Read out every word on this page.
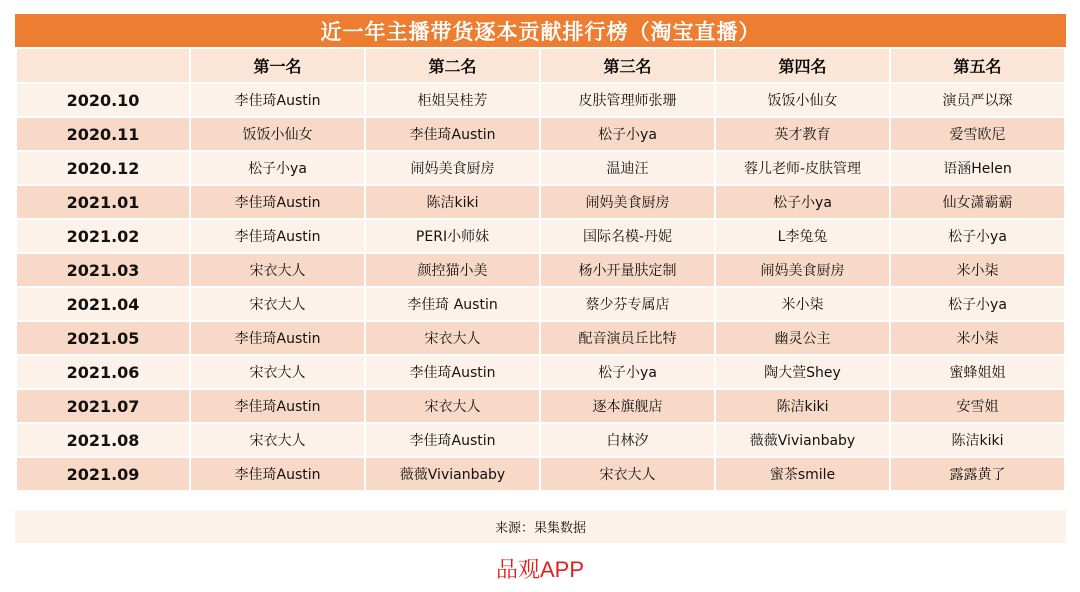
近一年主播带货逐本贡献排行榜（淘宝直播）
	第一名	第二名	第三名	第四名	第五名
2020.10	李佳琦Austin	柜姐吴桂芳	皮肤管理师张珊	饭饭小仙女	演员严以琛
2020.11	饭饭小仙女	李佳琦Austin	松子小ya	英才教育	爱雪欧尼
2020.12	松子小ya	闹妈美食厨房	温迪汪	蓉儿老师-皮肤管理	语涵Helen
2021.01	李佳琦Austin	陈洁kiki	闹妈美食厨房	松子小ya	仙女潇霸霸
2021.02	李佳琦Austin	PERI小师妹	国际名模-丹妮	L李兔兔	松子小ya
2021.03	宋衣大人	颜控猫小美	杨小开量肤定制	闹妈美食厨房	米小柒
2021.04	宋衣大人	李佳琦 Austin	蔡少芬专属店	米小柒	松子小ya
2021.05	李佳琦Austin	宋衣大人	配音演员丘比特	幽灵公主	米小柒
2021.06	宋衣大人	李佳琦Austin	松子小ya	陶大萱Shey	蜜蜂姐姐
2021.07	李佳琦Austin	宋衣大人	逐本旗舰店	陈洁kiki	安雪姐
2021.08	宋衣大人	李佳琦Austin	白林汐	薇薇Vivianbaby	陈洁kiki
2021.09	李佳琦Austin	薇薇Vivianbaby	宋衣大人	蜜茶smile	露露黄了
来源：果集数据
品观APP
